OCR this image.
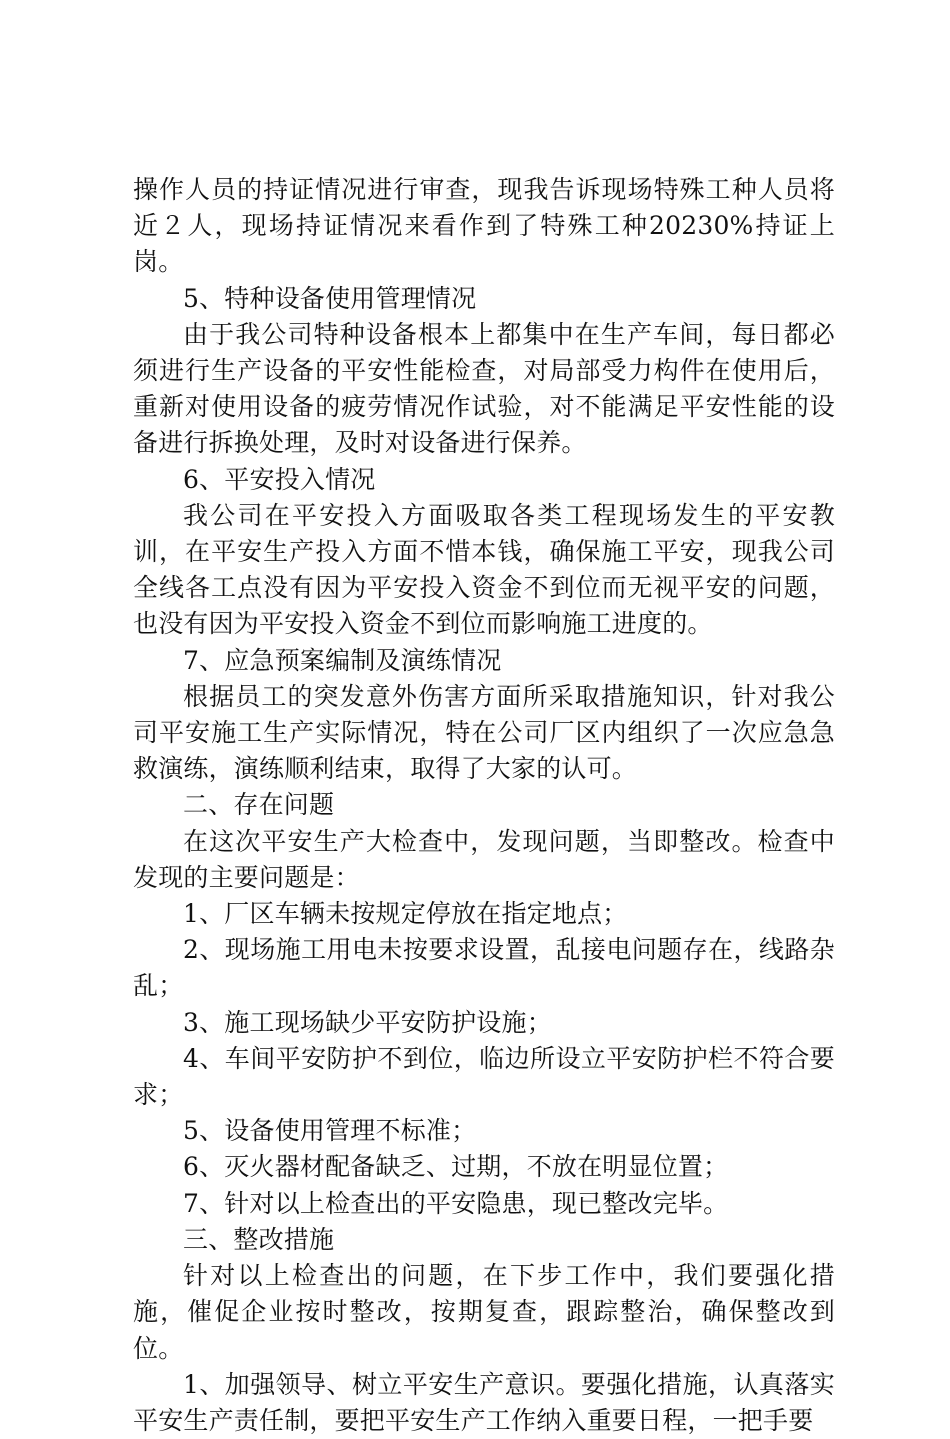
操作人员的持证情况进行审查，现我告诉现场特殊工种人员将近２人，现场持证情况来看作到了特殊工种20230%持证上岗。

5、特种设备使用管理情况

由于我公司特种设备根本上都集中在生产车间，每日都必须进行生产设备的平安性能检查，对局部受力构件在使用后，重新对使用设备的疲劳情况作试验，对不能满足平安性能的设备进行拆换处理，及时对设备进行保养。

6、平安投入情况

我公司在平安投入方面吸取各类工程现场发生的平安教训，在平安生产投入方面不惜本钱，确保施工平安，现我公司全线各工点没有因为平安投入资金不到位而无视平安的问题，也没有因为平安投入资金不到位而影响施工进度的。

7、应急预案编制及演练情况

根据员工的突发意外伤害方面所采取措施知识，针对我公司平安施工生产实际情况，特在公司厂区内组织了一次应急急救演练，演练顺利结束，取得了大家的认可。

二、存在问题

在这次平安生产大检查中，发现问题，当即整改。检查中发现的主要问题是：

1、厂区车辆未按规定停放在指定地点；

2、现场施工用电未按要求设置，乱接电问题存在，线路杂乱；

3、施工现场缺少平安防护设施；

4、车间平安防护不到位，临边所设立平安防护栏不符合要求；

5、设备使用管理不标准；

6、灭火器材配备缺乏、过期，不放在明显位置；

7、针对以上检查出的平安隐患，现已整改完毕。

三、整改措施

针对以上检查出的问题，在下步工作中，我们要强化措施，催促企业按时整改，按期复查，跟踪整治，确保整改到位。

1、加强领导、树立平安生产意识。要强化措施，认真落实平安生产责任制，要把平安生产工作纳入重要日程，一把手要
